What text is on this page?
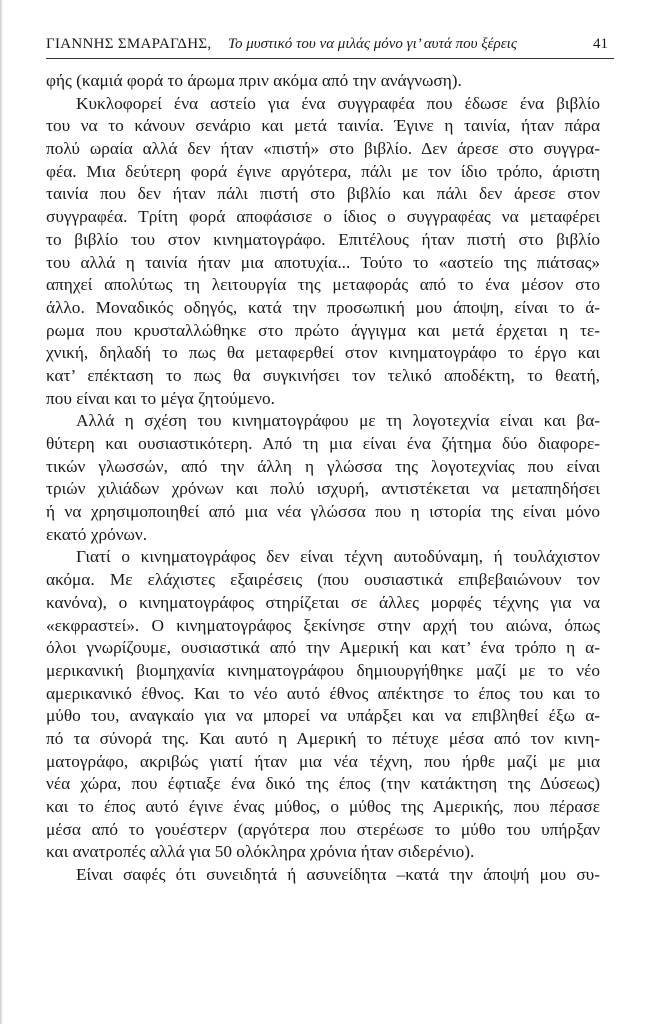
ΓΙΑΝΝΗΣ ΣΜΑΡΑΓΔΗΣ, Το μυστικό του να μιλάς μόνο γι’ αυτά που ξέρεις	41
φής (καμιά φορά το άρωμα πριν ακόμα από την ανάγνωση).
Κυκλοφορεί ένα αστείο για ένα συγγραφέα που έδωσε ένα βιβλίο
του να το κάνουν σενάριο και μετά ταινία. Έγινε η ταινία, ήταν πάρα
πολύ ωραία αλλά δεν ήταν «πιστή» στο βιβλίο. Δεν άρεσε στο συγγρα-
φέα. Μια δεύτερη φορά έγινε αργότερα, πάλι με τον ίδιο τρόπο, άριστη
ταινία που δεν ήταν πάλι πιστή στο βιβλίο και πάλι δεν άρεσε στον
συγγραφέα. Τρίτη φορά αποφάσισε ο ίδιος ο συγγραφέας να μεταφέρει
το βιβλίο του στον κινηματογράφο. Επιτέλους ήταν πιστή στο βιβλίο
του αλλά η ταινία ήταν μια αποτυχία... Τούτο το «αστείο της πιάτσας»
απηχεί απολύτως τη λειτουργία της μεταφοράς από το ένα μέσον στο
άλλο. Μοναδικός οδηγός, κατά την προσωπική μου άποψη, είναι το ά-
ρωμα που κρυσταλλώθηκε στο πρώτο άγγιγμα και μετά έρχεται η τε-
χνική, δηλαδή το πως θα μεταφερθεί στον κινηματογράφο το έργο και
κατ’ επέκταση το πως θα συγκινήσει τον τελικό αποδέκτη, το θεατή,
που είναι και το μέγα ζητούμενο.
Αλλά η σχέση του κινηματογράφου με τη λογοτεχνία είναι και βα-
θύτερη και ουσιαστικότερη. Από τη μια είναι ένα ζήτημα δύο διαφορε-
τικών γλωσσών, από την άλλη η γλώσσα της λογοτεχνίας που είναι
τριών χιλιάδων χρόνων και πολύ ισχυρή, αντιστέκεται να μεταπηδήσει
ή να χρησιμοποιηθεί από μια νέα γλώσσα που η ιστορία της είναι μόνο
εκατό χρόνων.
Γιατί ο κινηματογράφος δεν είναι τέχνη αυτοδύναμη, ή τουλάχιστον
ακόμα. Με ελάχιστες εξαιρέσεις (που ουσιαστικά επιβεβαιώνουν τον
κανόνα), ο κινηματογράφος στηρίζεται σε άλλες μορφές τέχνης για να
«εκφραστεί». Ο κινηματογράφος ξεκίνησε στην αρχή του αιώνα, όπως
όλοι γνωρίζουμε, ουσιαστικά από την Αμερική και κατ’ ένα τρόπο η α-
μερικανική βιομηχανία κινηματογράφου δημιουργήθηκε μαζί με το νέο
αμερικανικό έθνος. Και το νέο αυτό έθνος απέκτησε το έπος του και το
μύθο του, αναγκαίο για να μπορεί να υπάρξει και να επιβληθεί έξω α-
πό τα σύνορά της. Και αυτό η Αμερική το πέτυχε μέσα από τον κινη-
ματογράφο, ακριβώς γιατί ήταν μια νέα τέχνη, που ήρθε μαζί με μια
νέα χώρα, που έφτιαξε ένα δικό της έπος (την κατάκτηση της Δύσεως)
και το έπος αυτό έγινε ένας μύθος, ο μύθος της Αμερικής, που πέρασε
μέσα από το γουέστερν (αργότερα που στερέωσε το μύθο του υπήρξαν
και ανατροπές αλλά για 50 ολόκληρα χρόνια ήταν σιδερένιο).
Είναι σαφές ότι συνειδητά ή ασυνείδητα –κατά την άποψή μου συ-
